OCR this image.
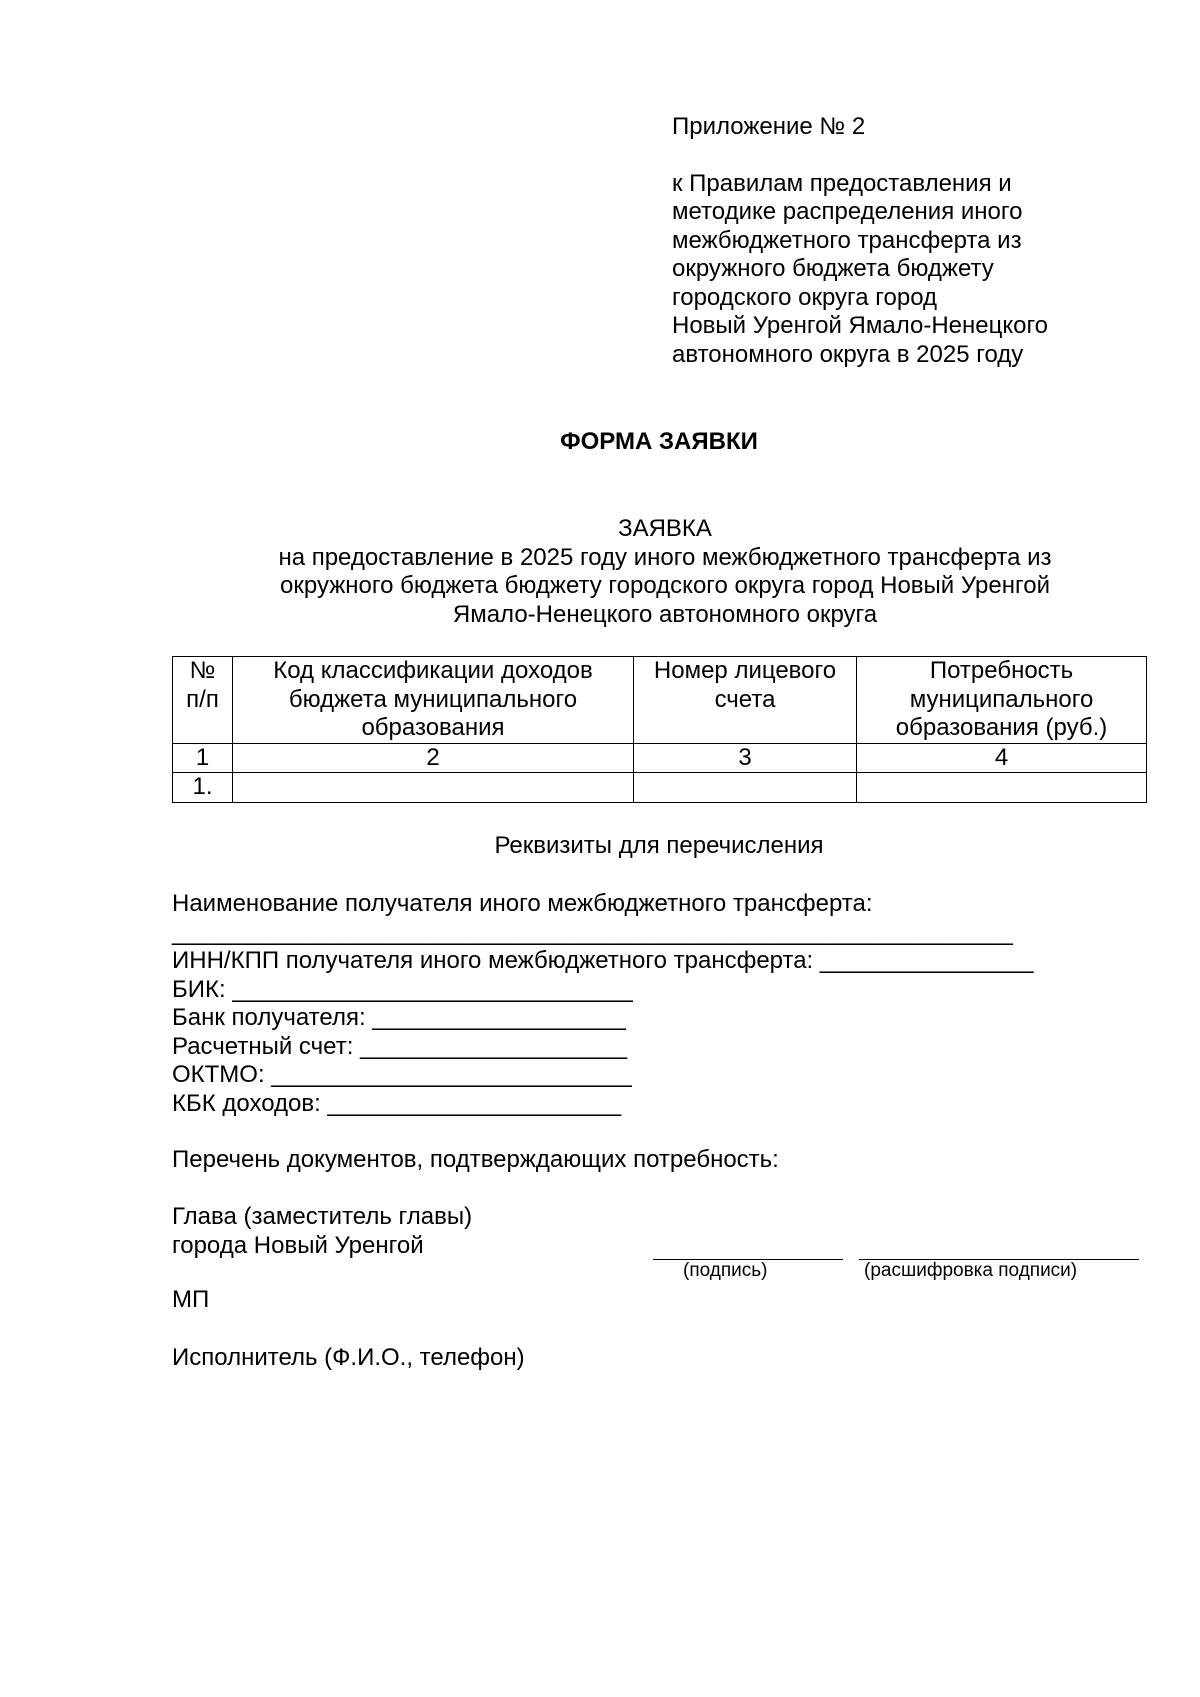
Приложение № 2

к Правилам предоставления и
методике распределения иного
межбюджетного трансферта из
окружного бюджета бюджету
городского округа город
Новый Уренгой Ямало-Ненецкого
автономного округа в 2025 году

ФОРМА ЗАЯВКИ

ЗАЯВКА

на предоставление в 2025 году иного межбюджетного трансферта из
окружного бюджета бюджету городского округа город Новый Уренгой
Ямало-Ненецкого автономного округа

№
п/п	Код классификации доходов бюджета муниципального образования	Номер лицевого счета	Потребность муниципального образования (руб.)
1	2	3	4
1.			

Реквизиты для перечисления

Наименование получателя иного межбюджетного трансферта:

_______________________________________________________________

ИНН/КПП получателя иного межбюджетного трансферта: ________________

БИК: ______________________________

Банк получателя: ___________________

Расчетный счет: ____________________

ОКТМО: ___________________________

КБК доходов: ______________________

Перечень документов, подтверждающих потребность:

Глава (заместитель главы)

города Новый Уренгой

(подпись)	(расшифровка подписи)

МП

Исполнитель (Ф.И.О., телефон)
